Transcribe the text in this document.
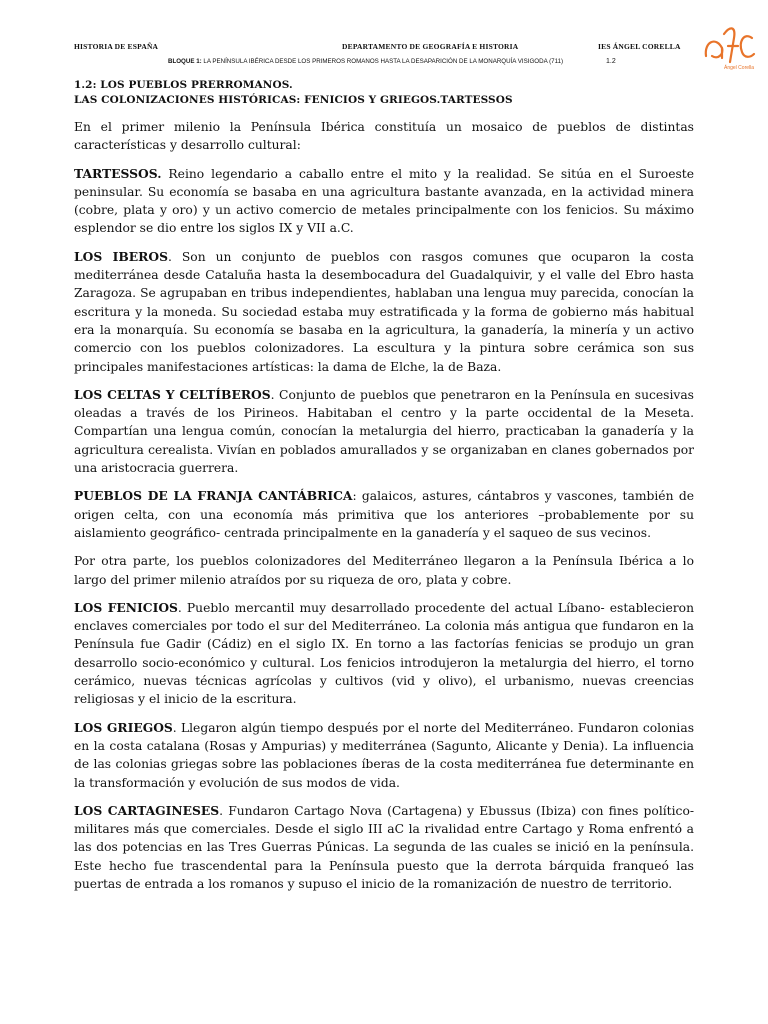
HISTORIA DE ESPAÑA	DEPARTAMENTO DE GEOGRAFÍA E HISTORIA	IES ÁNGEL CORELLA
BLOQUE 1: LA PENÍNSULA IBÉRICA DESDE LOS PRIMEROS ROMANOS HASTA LA DESAPARICIÓN DE LA MONARQUÍA VISIGODA (711)	1.2
Ángel Corella
1.2: LOS PUEBLOS PRERROMANOS.
LAS COLONIZACIONES HISTÓRICAS: FENICIOS Y GRIEGOS.TARTESSOS

En el primer milenio la Península Ibérica constituía un mosaico de pueblos de distintas características y desarrollo cultural:

TARTESSOS. Reino legendario a caballo entre el mito y la realidad. Se sitúa en el Suroeste peninsular. Su economía se basaba en una agricultura bastante avanzada, en la actividad minera (cobre, plata y oro) y un activo comercio de metales principalmente con los fenicios. Su máximo esplendor se dio entre los siglos IX y VII a.C.

LOS IBEROS. Son un conjunto de pueblos con rasgos comunes que ocuparon la costa mediterránea desde Cataluña hasta la desembocadura del Guadalquivir, y el valle del Ebro hasta Zaragoza. Se agrupaban en tribus independientes, hablaban una lengua muy parecida, conocían la escritura y la moneda. Su sociedad estaba muy estratificada y la forma de gobierno más habitual era la monarquía. Su economía se basaba en la agricultura, la ganadería, la minería y un activo comercio con los pueblos colonizadores. La escultura y la pintura sobre cerámica son sus principales manifestaciones artísticas: la dama de Elche, la de Baza.

LOS CELTAS Y CELTÍBEROS. Conjunto de pueblos que penetraron en la Península en sucesivas oleadas a través de los Pirineos. Habitaban el centro y la parte occidental de la Meseta. Compartían una lengua común, conocían la metalurgia del hierro, practicaban la ganadería y la agricultura cerealista. Vivían en poblados amurallados y se organizaban en clanes gobernados por una aristocracia guerrera.

PUEBLOS DE LA FRANJA CANTÁBRICA: galaicos, astures, cántabros y vascones, también de origen celta, con una economía más primitiva que los anteriores –probablemente por su aislamiento geográfico- centrada principalmente en la ganadería y el saqueo de sus vecinos.

Por otra parte, los pueblos colonizadores del Mediterráneo llegaron a la Península Ibérica a lo largo del primer milenio atraídos por su riqueza de oro, plata y cobre.

LOS FENICIOS. Pueblo mercantil muy desarrollado procedente del actual Líbano- establecieron enclaves comerciales por todo el sur del Mediterráneo. La colonia más antigua que fundaron en la Península fue Gadir (Cádiz) en el siglo IX. En torno a las factorías fenicias se produjo un gran desarrollo socio-económico y cultural. Los fenicios introdujeron la metalurgia del hierro, el torno cerámico, nuevas técnicas agrícolas y cultivos (vid y olivo), el urbanismo, nuevas creencias religiosas y el inicio de la escritura.

LOS GRIEGOS. Llegaron algún tiempo después por el norte del Mediterráneo. Fundaron colonias en la costa catalana (Rosas y Ampurias) y mediterránea (Sagunto, Alicante y Denia). La influencia de las colonias griegas sobre las poblaciones íberas de la costa mediterránea fue determinante en la transformación y evolución de sus modos de vida.

LOS CARTAGINESES. Fundaron Cartago Nova (Cartagena) y Ebussus (Ibiza) con fines político-militares más que comerciales. Desde el siglo III aC la rivalidad entre Cartago y Roma enfrentó a las dos potencias en las Tres Guerras Púnicas. La segunda de las cuales se inició en la península. Este hecho fue trascendental para la Península puesto que la derrota bárquida franqueó las puertas de entrada a los romanos y supuso el inicio de la romanización de nuestro de territorio.
